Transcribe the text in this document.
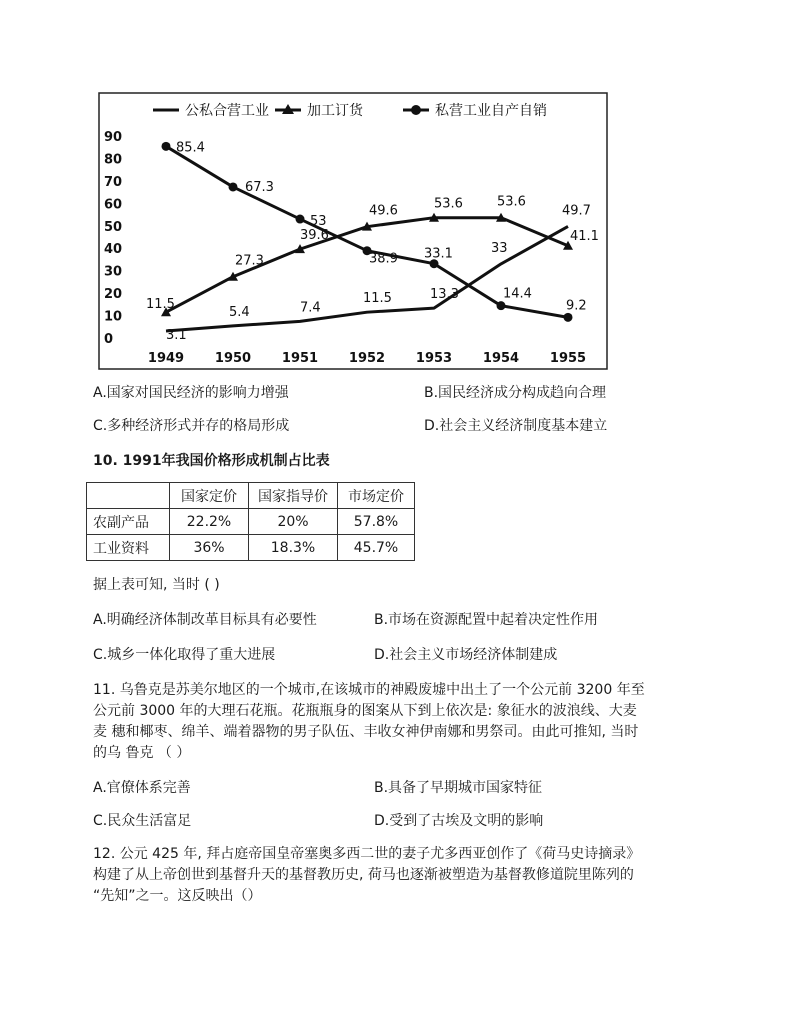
0
10
20
30
40
50
60
70
80
90
1949 1950 1951 1952 1953 1954 1955
公私合营工业	加工订货	私营工业自产自销
3.1
5.4	7.4
11.5	13.3
33
49.7
11.5
27.3
39.6
49.6	53.6	53.6
41.1
85.4
67.3
53
38.9 33.1
14.4
9.2
A.国家对国民经济的影响力增强	B.国民经济成分构成趋向合理
C.多种经济形式并存的格局形成	D.社会主义经济制度基本建立
10. 1991年我国价格形成机制占比表
	国家定价	国家指导价	市场定价
农副产品	22.2%	20%	57.8%
工业资料	36%	18.3%	45.7%
据上表可知, 当时 ( )
A.明确经济体制改革目标具有必要性	B.市场在资源配置中起着决定性作用
C.城乡一体化取得了重大进展	D.社会主义市场经济体制建成
11. 乌鲁克是苏美尔地区的一个城市,在该城市的神殿废墟中出土了一个公元前 3200 年至
公元前 3000 年的大理石花瓶。花瓶瓶身的图案从下到上依次是: 象征水的波浪线、大麦
麦 穗和椰枣、绵羊、端着器物的男子队伍、丰收女神伊南娜和男祭司。由此可推知, 当时
的乌 鲁克 （ ）
A.官僚体系完善	B.具备了早期城市国家特征
C.民众生活富足	D.受到了古埃及文明的影响
12. 公元 425 年, 拜占庭帝国皇帝塞奥多西二世的妻子尤多西亚创作了《荷马史诗摘录》
构建了从上帝创世到基督升天的基督教历史, 荷马也逐渐被塑造为基督教修道院里陈列的
“先知”之一。这反映出（）
